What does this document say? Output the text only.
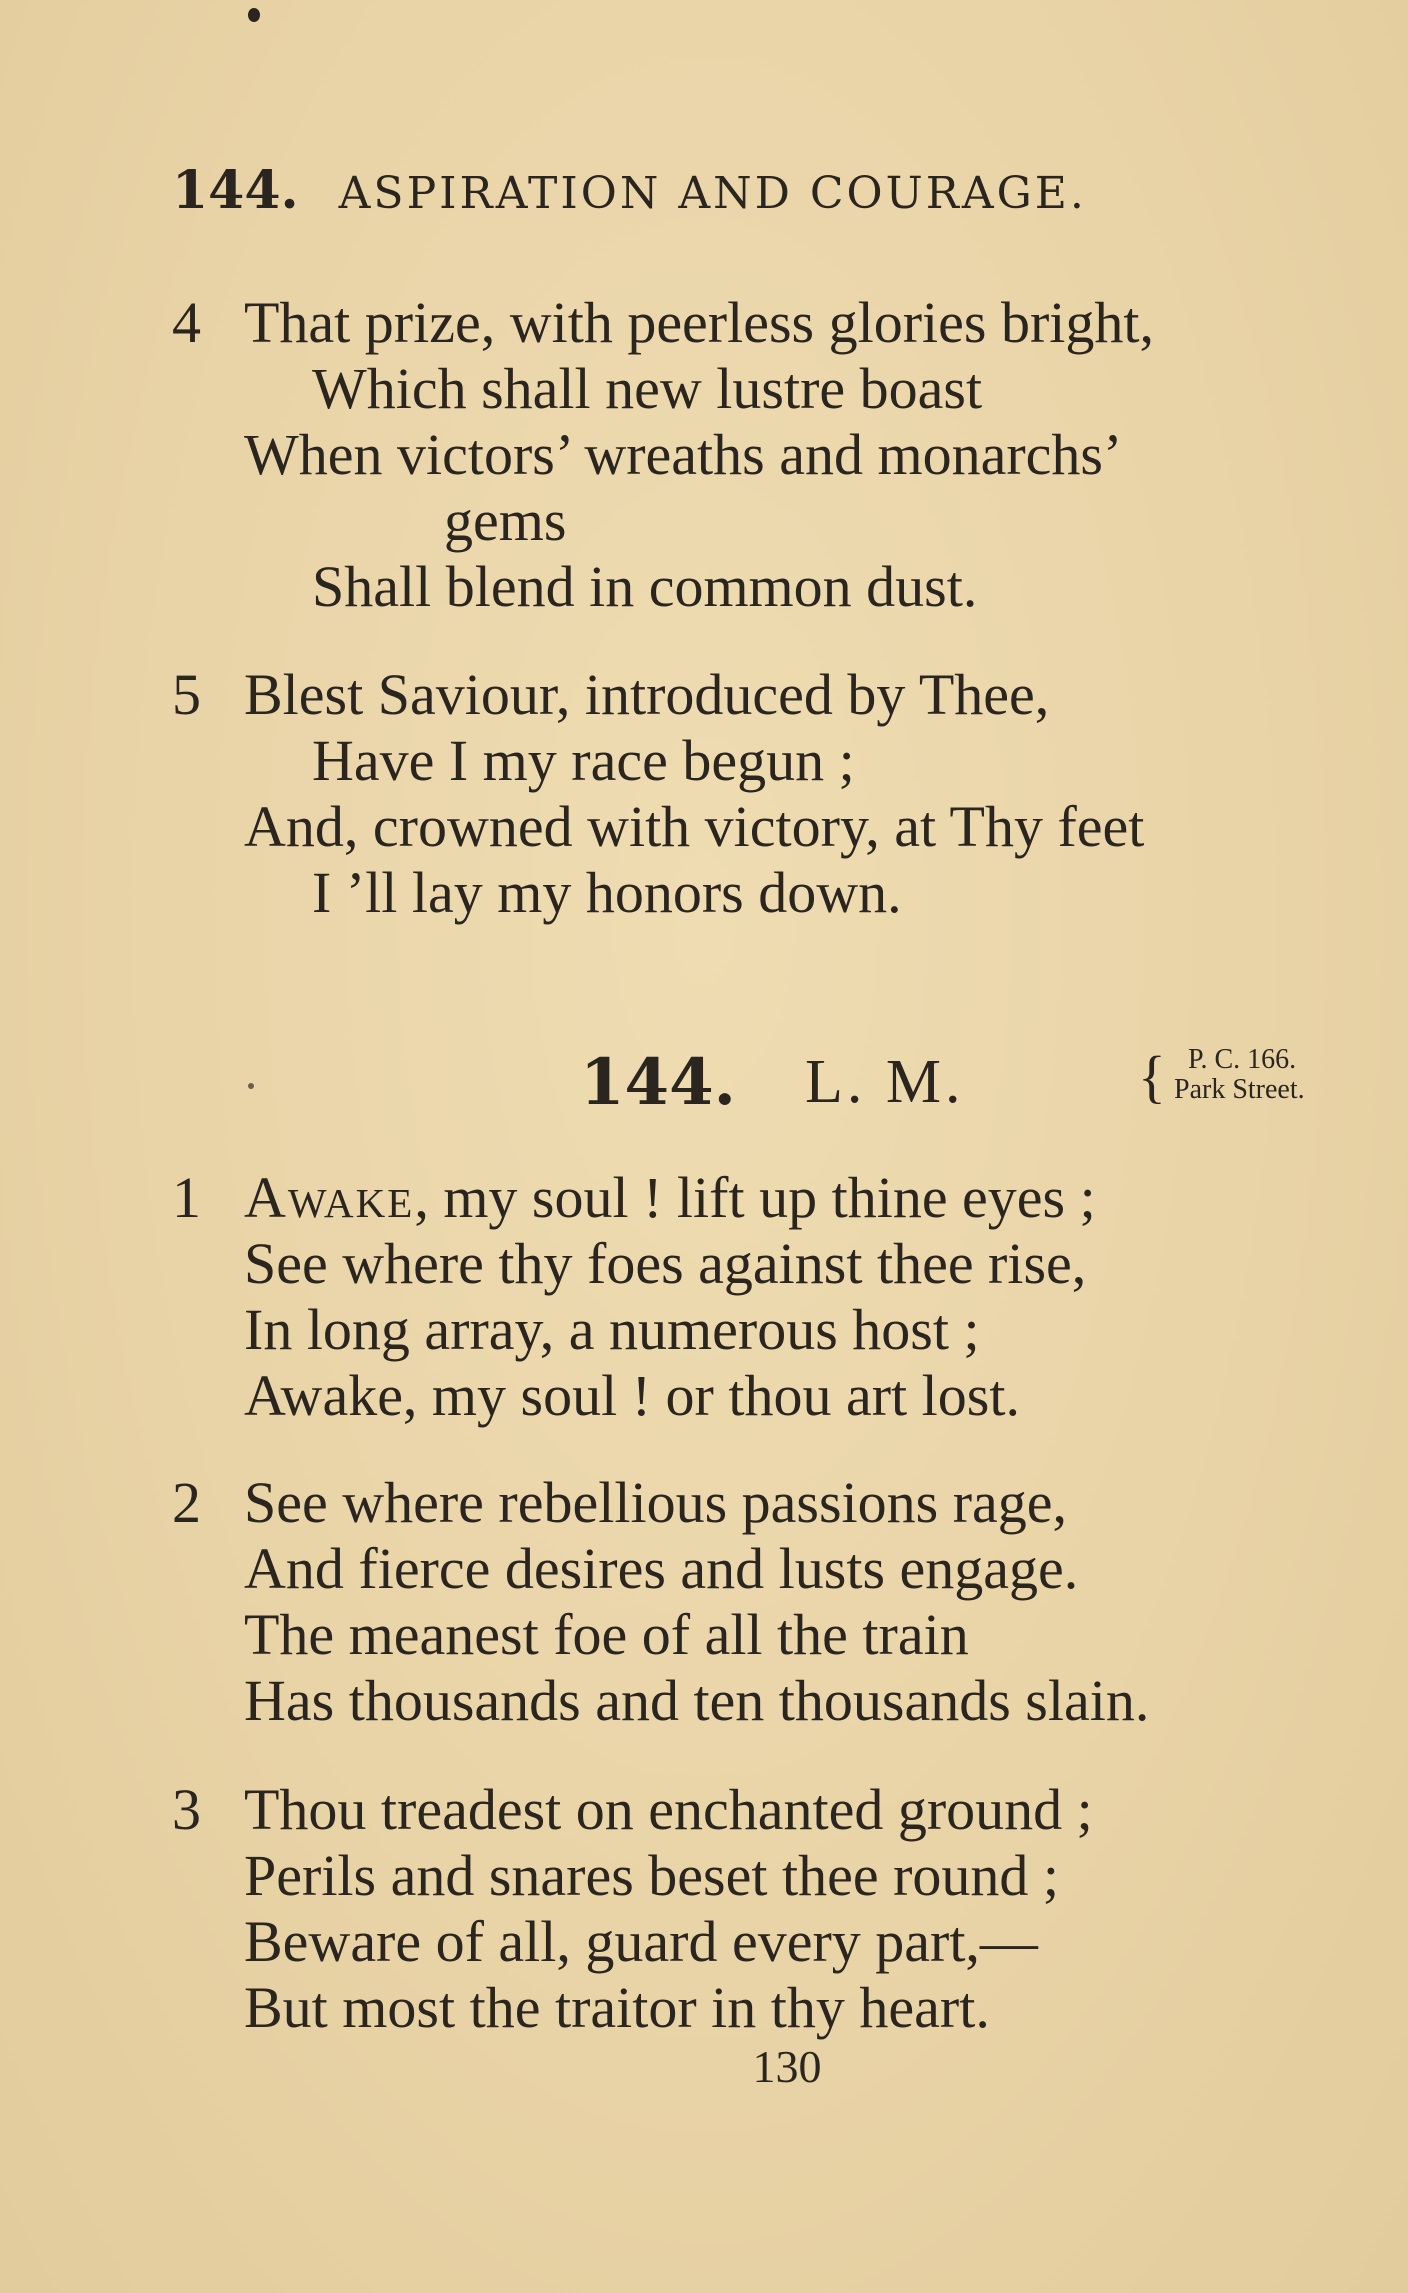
144. ASPIRATION AND COURAGE.
4 That prize, with peerless glories bright,
Which shall new lustre boast
When victors’ wreaths and monarchs’
gems
Shall blend in common dust.
5 Blest Saviour, introduced by Thee,
Have I my race begun ;
And, crowned with victory, at Thy feet
I ’ll lay my honors down.
144. L. M.	{ P. C. 166.
Park Street.
1 Awake, my soul ! lift up thine eyes ;
See where thy foes against thee rise,
In long array, a numerous host ;
Awake, my soul ! or thou art lost.
2 See where rebellious passions rage,
And fierce desires and lusts engage.
The meanest foe of all the train
Has thousands and ten thousands slain.
3 Thou treadest on enchanted ground ;
Perils and snares beset thee round ;
Beware of all, guard every part,—
But most the traitor in thy heart.
130
